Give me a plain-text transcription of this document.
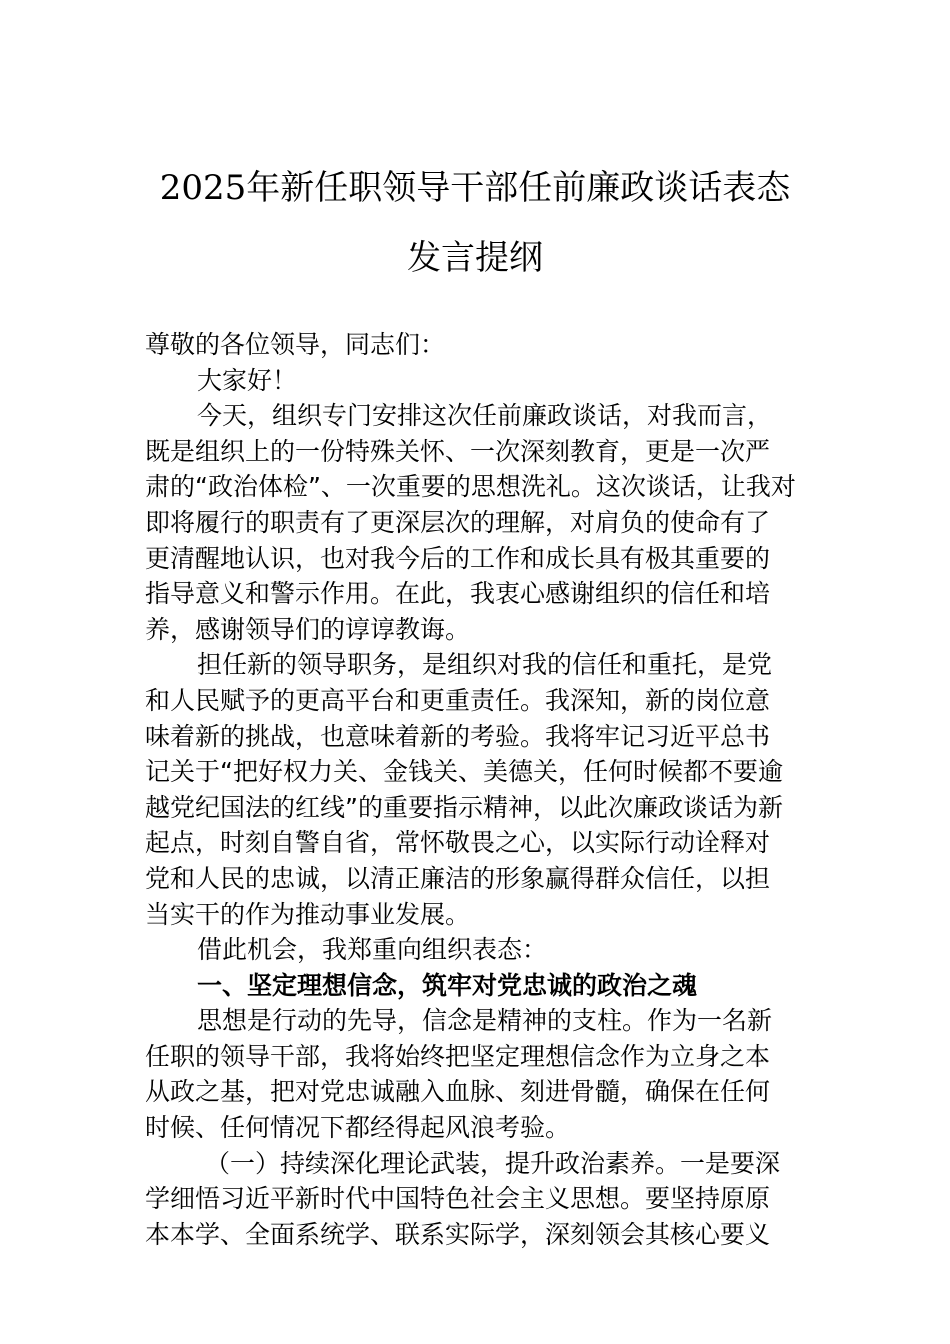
2025年新任职领导干部任前廉政谈话表态
发言提纲
尊敬的各位领导，同志们：
大家好！
今天，组织专门安排这次任前廉政谈话，对我而言，
既是组织上的一份特殊关怀、一次深刻教育，更是一次严
肃的“政治体检”、一次重要的思想洗礼。这次谈话，让我对
即将履行的职责有了更深层次的理解，对肩负的使命有了
更清醒地认识，也对我今后的工作和成长具有极其重要的
指导意义和警示作用。在此，我衷心感谢组织的信任和培
养，感谢领导们的谆谆教诲。
担任新的领导职务，是组织对我的信任和重托，是党
和人民赋予的更高平台和更重责任。我深知，新的岗位意
味着新的挑战，也意味着新的考验。我将牢记习近平总书
记关于“把好权力关、金钱关、美德关，任何时候都不要逾
越党纪国法的红线”的重要指示精神，以此次廉政谈话为新
起点，时刻自警自省，常怀敬畏之心，以实际行动诠释对
党和人民的忠诚，以清正廉洁的形象赢得群众信任，以担
当实干的作为推动事业发展。
借此机会，我郑重向组织表态：
一、坚定理想信念，筑牢对党忠诚的政治之魂
思想是行动的先导，信念是精神的支柱。作为一名新
任职的领导干部，我将始终把坚定理想信念作为立身之本
从政之基，把对党忠诚融入血脉、刻进骨髓，确保在任何
时候、任何情况下都经得起风浪考验。
（一）持续深化理论武装，提升政治素养。一是要深
学细悟习近平新时代中国特色社会主义思想。要坚持原原
本本学、全面系统学、联系实际学，深刻领会其核心要义
